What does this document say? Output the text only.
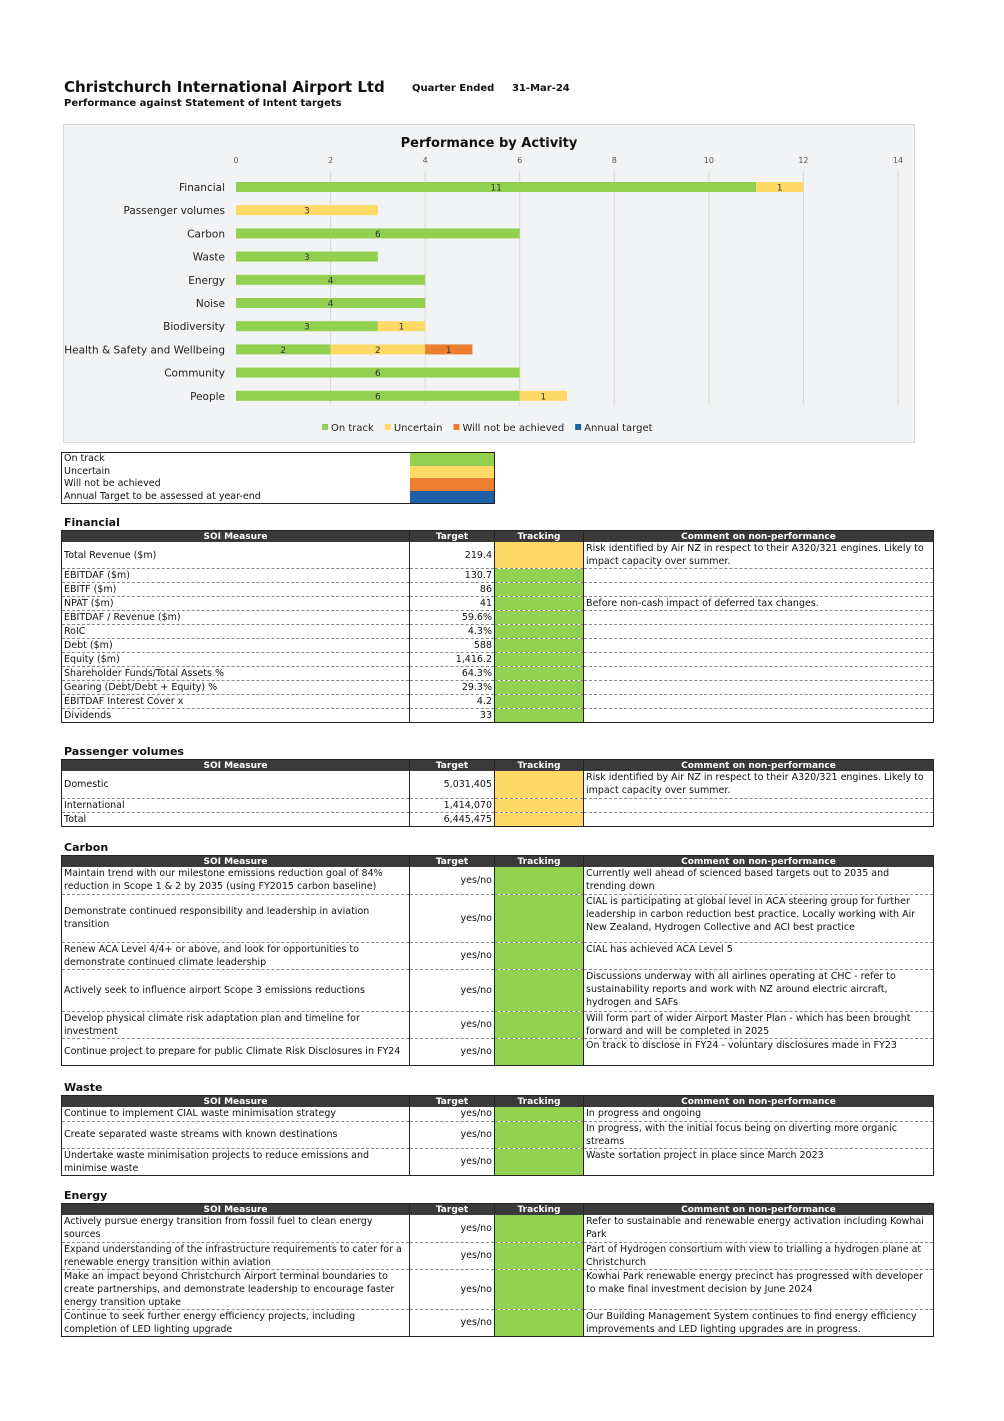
Christchurch International Airport Ltd
Performance against Statement of Intent targets
Quarter Ended 31-Mar-24
Performance by Activity
0	2	4	6	8	10	12	14
Financial	11	1
Passenger volumes	3
Carbon	6
Waste	3
Energy	4
Noise	4
Biodiversity	3	1
Health & Safety and Wellbeing	2	2	1
Community	6
People	6	1
On track Uncertain Will not be achieved Annual target
On track
Uncertain
Will not be achieved
Annual Target to be assessed at year-end
Financial
SOI Measure	Target	Tracking	Comment on non-performance
Total Revenue ($m)	219.4		Risk identified by Air NZ in respect to their A320/321 engines. Likely to impact capacity over summer.
EBITDAF ($m)	130.7		
EBITF ($m)	86		
NPAT ($m)	41		Before non-cash impact of deferred tax changes.
EBITDAF / Revenue ($m)	59.6%		
RoIC	4.3%		
Debt ($m)	588		
Equity ($m)	1,416.2		
Shareholder Funds/Total Assets %	64.3%		
Gearing (Debt/Debt + Equity) %	29.3%		
EBITDAF Interest Cover x	4.2		
Dividends	33		
Passenger volumes
SOI Measure	Target	Tracking	Comment on non-performance
Domestic	5,031,405		Risk identified by Air NZ in respect to their A320/321 engines. Likely to impact capacity over summer.
International	1,414,070		
Total	6,445,475		
Carbon
SOI Measure	Target	Tracking	Comment on non-performance
Maintain trend with our milestone emissions reduction goal of 84% reduction in Scope 1 & 2 by 2035 (using FY2015 carbon baseline)	yes/no		Currently well ahead of scienced based targets out to 2035 and trending down
Demonstrate continued responsibility and leadership in aviation transition	yes/no		CIAL is participating at global level in ACA steering group for further leadership in carbon reduction best practice. Locally working with Air New Zealand, Hydrogen Collective and ACI best practice
Renew ACA Level 4/4+ or above, and look for opportunities to demonstrate continued climate leadership	yes/no		CIAL has achieved ACA Level 5
Actively seek to influence airport Scope 3 emissions reductions	yes/no		Discussions underway with all airlines operating at CHC - refer to sustainability reports and work with NZ around electric aircraft, hydrogen and SAFs
Develop physical climate risk adaptation plan and timeline for investment	yes/no		Will form part of wider Airport Master Plan - which has been brought forward and will be completed in 2025
Continue project to prepare for public Climate Risk Disclosures in FY24	yes/no		On track to disclose in FY24 - voluntary disclosures made in FY23
Waste
SOI Measure	Target	Tracking	Comment on non-performance
Continue to implement CIAL waste minimisation strategy	yes/no		In progress and ongoing
Create separated waste streams with known destinations	yes/no		In progress, with the initial focus being on diverting more organic streams
Undertake waste minimisation projects to reduce emissions and minimise waste	yes/no		Waste sortation project in place since March 2023
Energy
SOI Measure	Target	Tracking	Comment on non-performance
Actively pursue energy transition from fossil fuel to clean energy sources	yes/no		Refer to sustainable and renewable energy activation including Kowhai Park
Expand understanding of the infrastructure requirements to cater for a renewable energy transition within aviation	yes/no		Part of Hydrogen consortium with view to trialling a hydrogen plane at Christchurch
Make an impact beyond Christchurch Airport terminal boundaries to create partnerships, and demonstrate leadership to encourage faster energy transition uptake	yes/no		Kowhai Park renewable energy precinct has progressed with developer to make final investment decision by June 2024
Continue to seek further energy efficiency projects, including completion of LED lighting upgrade	yes/no		Our Building Management System continues to find energy efficiency improvements and LED lighting upgrades are in progress.
